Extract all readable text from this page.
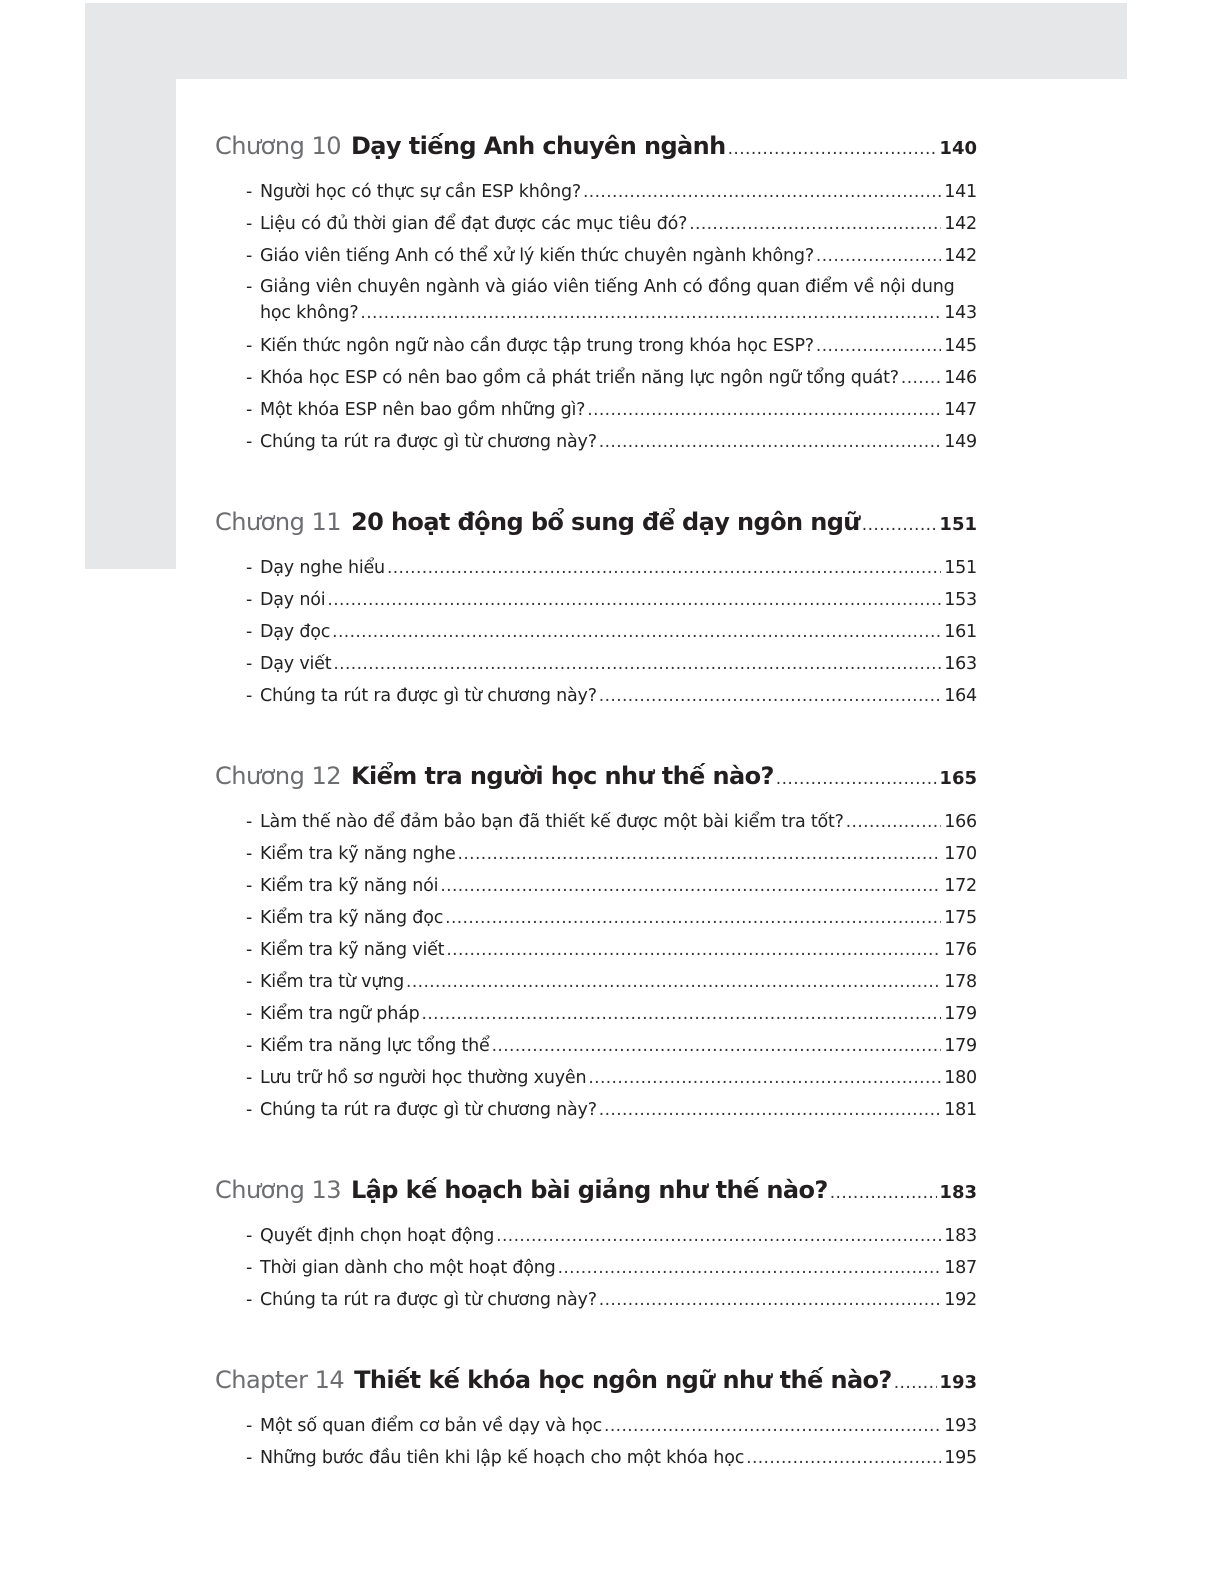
Chương 10 Dạy tiếng Anh chuyên ngành .....	140
- Người học có thực sự cần ESP không? .....	141
- Liệu có đủ thời gian để đạt được các mục tiêu đó? .....	142
- Giáo viên tiếng Anh có thể xử lý kiến thức chuyên ngành không? .....	142
- Giảng viên chuyên ngành và giáo viên tiếng Anh có đồng quan điểm về nội dung
học không? .....	143
- Kiến thức ngôn ngữ nào cần được tập trung trong khóa học ESP? .....	145
- Khóa học ESP có nên bao gồm cả phát triển năng lực ngôn ngữ tổng quát? .....	146
- Một khóa ESP nên bao gồm những gì? .....	147
- Chúng ta rút ra được gì từ chương này? .....	149
Chương 11 20 hoạt động bổ sung để dạy ngôn ngữ .....	151
- Dạy nghe hiểu .....	151
- Dạy nói .....	153
- Dạy đọc .....	161
- Dạy viết .....	163
- Chúng ta rút ra được gì từ chương này? .....	164
Chương 12 Kiểm tra người học như thế nào? .....	165
- Làm thế nào để đảm bảo bạn đã thiết kế được một bài kiểm tra tốt? .....	166
- Kiểm tra kỹ năng nghe .....	170
- Kiểm tra kỹ năng nói .....	172
- Kiểm tra kỹ năng đọc .....	175
- Kiểm tra kỹ năng viết .....	176
- Kiểm tra từ vựng .....	178
- Kiểm tra ngữ pháp .....	179
- Kiểm tra năng lực tổng thể .....	179
- Lưu trữ hồ sơ người học thường xuyên .....	180
- Chúng ta rút ra được gì từ chương này? .....	181
Chương 13 Lập kế hoạch bài giảng như thế nào? .....	183
- Quyết định chọn hoạt động .....	183
- Thời gian dành cho một hoạt động .....	187
- Chúng ta rút ra được gì từ chương này? .....	192
Chapter 14 Thiết kế khóa học ngôn ngữ như thế nào? .....	193
- Một số quan điểm cơ bản về dạy và học .....	193
- Những bước đầu tiên khi lập kế hoạch cho một khóa học .....	195
